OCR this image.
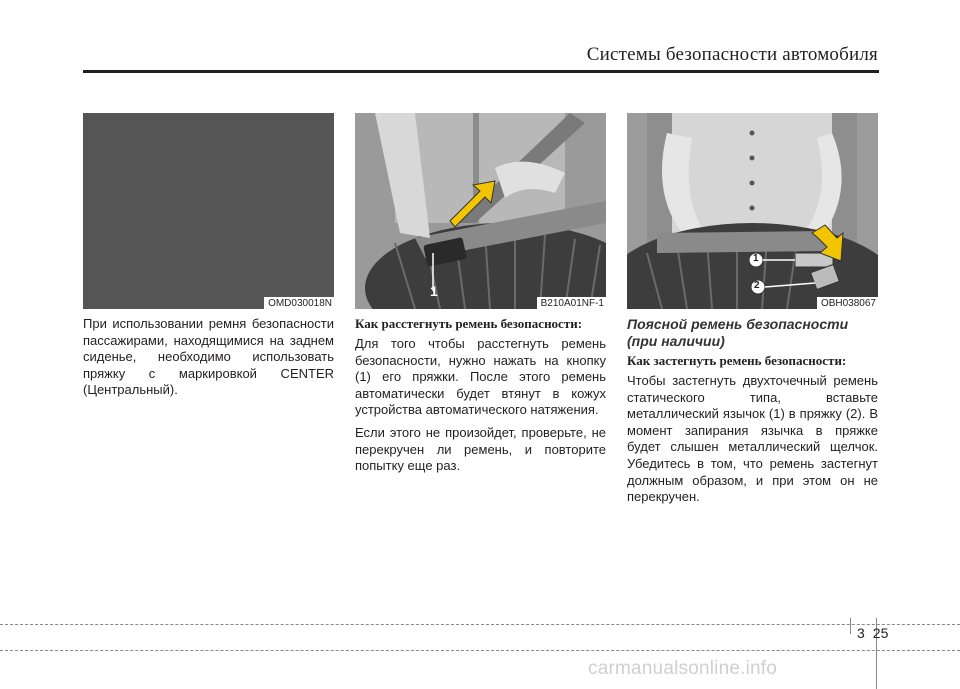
Системы безопасности автомобиля
OMD030018N
1
B210A01NF-1
1
2
OBH038067

При использовании ремня безопасности пассажирами, находящимися на заднем сиденье, необходимо использовать пряжку с маркировкой CENTER (Центральный).

Как расстегнуть ремень безопасности:

Для того чтобы расстегнуть ремень безопасности, нужно нажать на кнопку (1) его пряжки. После этого ремень автоматически будет втянут в кожух устройства автоматического натяжения.

Если этого не произойдет, проверьте, не перекручен ли ремень, и повторите попытку еще раз.

Поясной ремень безопасности
(при наличии)
Как застегнуть ремень безопасности:

Чтобы застегнуть двухточечный ремень статического типа, вставьте металлический язычок (1) в пряжку (2). В момент запирания язычка в пряжке будет слышен металлический щелчок. Убедитесь в том, что ремень застегнут должным образом, и при этом он не перекручен.

3 25
carmanualsonline.info
